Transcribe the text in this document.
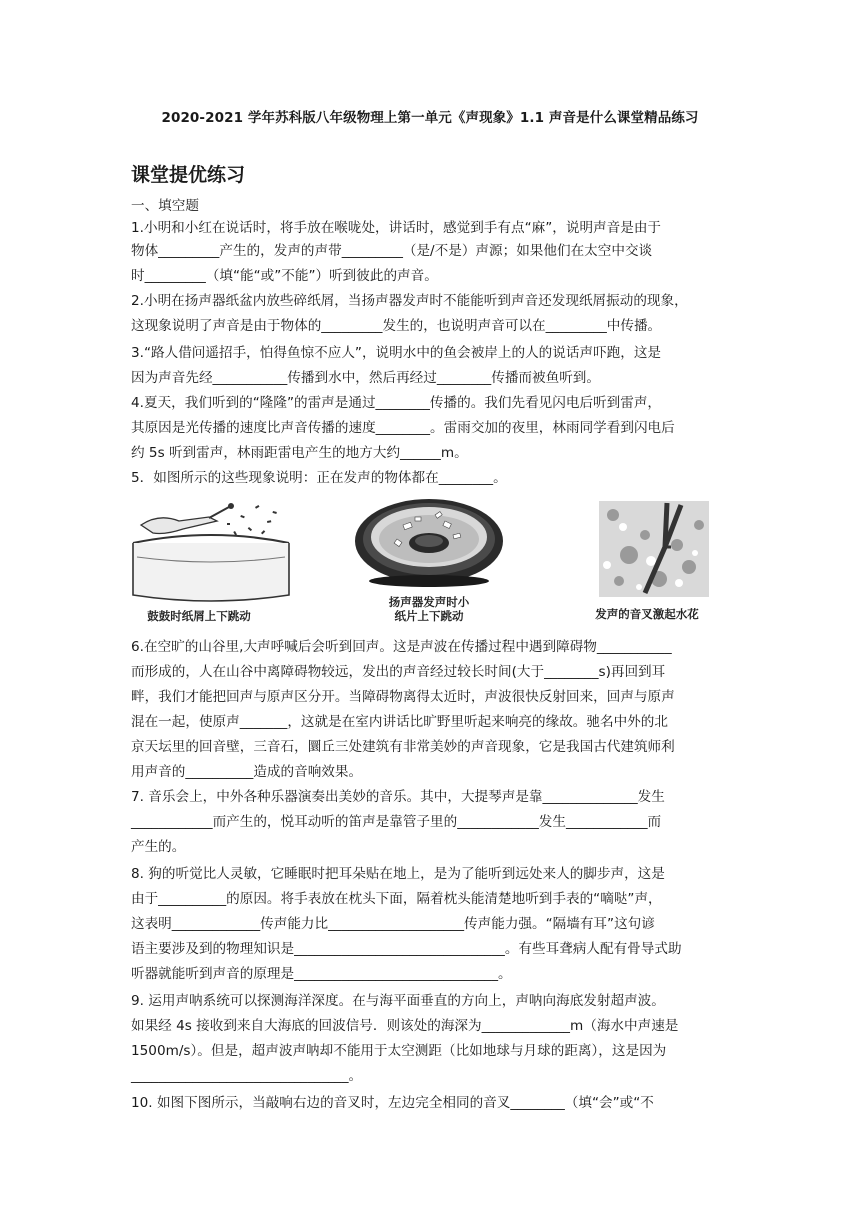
2020-2021 学年苏科版八年级物理上第一单元《声现象》1.1 声音是什么课堂精品练习
课堂提优练习
一、填空题
1.小明和小红在说话时，将手放在喉咙处，讲话时，感觉到手有点“麻”，说明声音是由于
物体_________产生的，发声的声带_________（是/不是）声源；如果他们在太空中交谈
时_________（填“能“或”不能”）听到彼此的声音。
2.小明在扬声器纸盆内放些碎纸屑，当扬声器发声时不能能听到声音还发现纸屑振动的现象，
这现象说明了声音是由于物体的_________发生的，也说明声音可以在_________中传播。
3.“路人借问遥招手，怕得鱼惊不应人”，说明水中的鱼会被岸上的人的说话声吓跑，这是
因为声音先经___________传播到水中，然后再经过________传播而被鱼听到。
4.夏天，我们听到的“隆隆”的雷声是通过________传播的。我们先看见闪电后听到雷声，
其原因是光传播的速度比声音传播的速度________。雷雨交加的夜里，林雨同学看到闪电后
约 5s 听到雷声，林雨距雷电产生的地方大约______m。
5．如图所示的这些现象说明：正在发声的物体都在________。
鼓鼓时纸屑上下跳动
扬声器发声时小
纸片上下跳动	发声的音叉激起水花
6.在空旷的山谷里,大声呼喊后会听到回声。这是声波在传播过程中遇到障碍物___________
而形成的，人在山谷中离障碍物较远，发出的声音经过较长时间(大于________s)再回到耳
畔，我们才能把回声与原声区分开。当障碍物离得太近时，声波很快反射回来，回声与原声
混在一起，使原声_______，这就是在室内讲话比旷野里听起来响亮的缘故。驰名中外的北
京天坛里的回音壁，三音石，圜丘三处建筑有非常美妙的声音现象，它是我国古代建筑师利
用声音的__________造成的音响效果。
7. 音乐会上，中外各种乐器演奏出美妙的音乐。其中，大提琴声是靠______________发生
____________而产生的，悦耳动听的笛声是靠管子里的____________发生____________而
产生的。
8. 狗的听觉比人灵敏，它睡眠时把耳朵贴在地上，是为了能听到远处来人的脚步声，这是
由于__________的原因。将手表放在枕头下面，隔着枕头能清楚地听到手表的“嘀哒”声，
这表明_____________传声能力比____________________传声能力强。“隔墙有耳”这句谚
语主要涉及到的物理知识是_______________________________。有些耳聋病人配有骨导式助
听器就能听到声音的原理是______________________________。
9. 运用声呐系统可以探测海洋深度。在与海平面垂直的方向上，声呐向海底发射超声波。
如果经 4s 接收到来自大海底的回波信号．则该处的海深为_____________m（海水中声速是
1500m/s）。但是，超声波声呐却不能用于太空测距（比如地球与月球的距离），这是因为
________________________________。
10. 如图下图所示，当敲响右边的音叉时，左边完全相同的音叉________（填“会”或“不
